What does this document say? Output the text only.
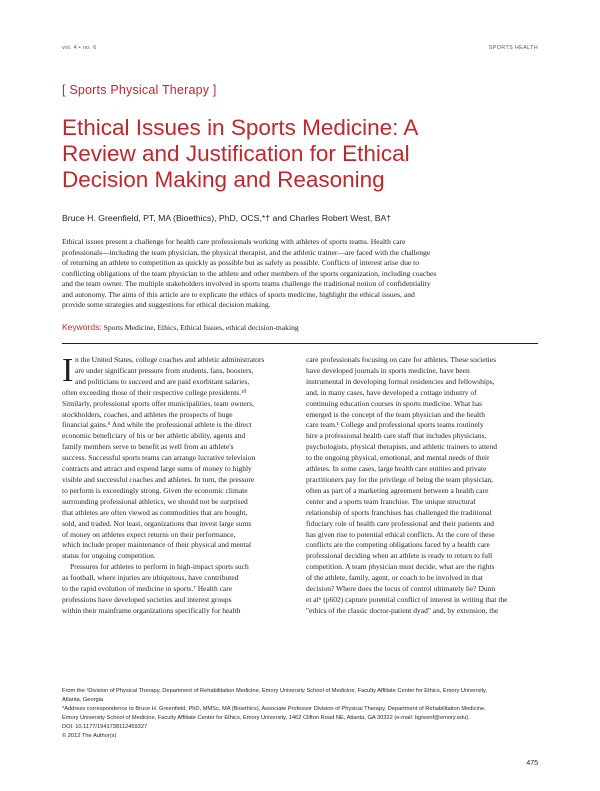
vol. 4 • no. 6	SPORTS HEALTH
[ Sports Physical Therapy ]
Ethical Issues in Sports Medicine: A
Review and Justification for Ethical
Decision Making and Reasoning
Bruce H. Greenfield, PT, MA (Bioethics), PhD, OCS,*† and Charles Robert West, BA†
Ethical issues present a challenge for health care professionals working with athletes of sports teams. Health care
professionals—including the team physician, the physical therapist, and the athletic trainer—are faced with the challenge
of returning an athlete to competition as quickly as possible but as safely as possible. Conflicts of interest arise due to
conflicting obligations of the team physician to the athlete and other members of the sports organization, including coaches
and the team owner. The multiple stakeholders involved in sports teams challenge the traditional notion of confidentiality
and autonomy. The aims of this article are to explicate the ethics of sports medicine, highlight the ethical issues, and
provide some strategies and suggestions for ethical decision making.
Keywords: Sports Medicine, Ethics, Ethical Issues, ethical decision-making
I n the United States, college coaches and athletic administrators
are under significant pressure from students, fans, boosters,
and politicians to succeed and are paid exorbitant salaries,
often exceeding those of their respective college presidents.¹⁰
Similarly, professional sports offer municipalities, team owners,
stockholders, coaches, and athletes the prospects of huge
financial gains.⁸ And while the professional athlete is the direct
economic beneficiary of his or her athletic ability, agents and
family members serve to benefit as well from an athlete's
success. Successful sports teams can arrange lucrative television
contracts and attract and expend large sums of money to highly
visible and successful coaches and athletes. In turn, the pressure
to perform is exceedingly strong. Given the economic climate
surrounding professional athletics, we should not be surprised
that athletes are often viewed as commodities that are bought,
sold, and traded. Not least, organizations that invest large sums
of money on athletes expect returns on their performance,
which include proper maintenance of their physical and mental
status for ongoing competition.
Pressures for athletes to perform in high-impact sports such
as football, where injuries are ubiquitous, have contributed
to the rapid evolution of medicine in sports.⁷ Health care
professions have developed societies and interest groups
within their mainframe organizations specifically for health
care professionals focusing on care for athletes. These societies
have developed journals in sports medicine, have been
instrumental in developing formal residencies and fellowships,
and, in many cases, have developed a cottage industry of
continuing education courses in sports medicine. What has
emerged is the concept of the team physician and the health
care team.¹ College and professional sports teams routinely
hire a professional health care staff that includes physicians,
psychologists, physical therapists, and athletic trainers to attend
to the ongoing physical, emotional, and mental needs of their
athletes. In some cases, large health care entities and private
practitioners pay for the privilege of being the team physician,
often as part of a marketing agreement between a health care
center and a sports team franchise. The unique structural
relationship of sports franchises has challenged the traditional
fiduciary role of health care professional and their patients and
has given rise to potential ethical conflicts. At the core of these
conflicts are the competing obligations faced by a health care
professional deciding when an athlete is ready to return to full
competition. A team physician must decide, what are the rights
of the athlete, family, agent, or coach to be involved in that
decision? Where does the locus of control ultimately lie? Dunn
et al⁶ (p602) capture potential conflict of interest in writing that the
"ethics of the classic doctor-patient dyad" and, by extension, the
From the ¹Division of Physical Therapy, Department of Rehabilitation Medicine, Emory University School of Medicine, Faculty Affiliate Center for Ethics, Emory University,
Atlanta, Georgia
*Address correspondence to Bruce H. Greenfield, PhD, MMSc, MA (Bioethics), Associate Professor Division of Physical Therapy, Department of Rehabilitation Medicine,
Emory University School of Medicine, Faculty Affiliate Center for Ethics, Emory University, 1462 Clifton Road NE, Atlanta, GA 30322 (e-mail: bgreenf@emory.edu).
DOI: 10.1177/1941738112459327
© 2012 The Author(s)
475
